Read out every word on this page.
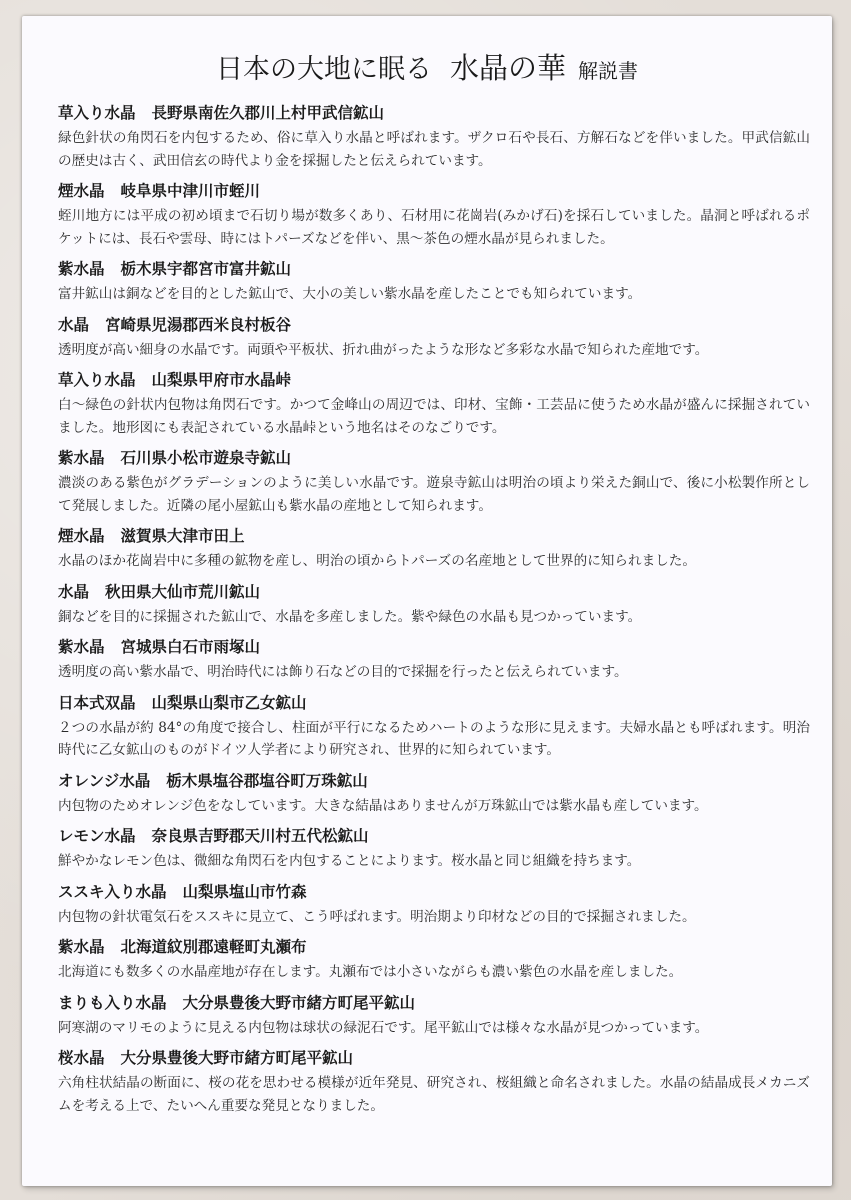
日本の大地に眠る 水晶の華 解説書
草入り水晶 長野県南佐久郡川上村甲武信鉱山
緑色針状の角閃石を内包するため、俗に草入り水晶と呼ばれます。ザクロ石や長石、方解石などを伴いました。甲武信鉱山の歴史は古く、武田信玄の時代より金を採掘したと伝えられています。
煙水晶 岐阜県中津川市蛭川
蛭川地方には平成の初め頃まで石切り場が数多くあり、石材用に花崗岩(みかげ石)を採石していました。晶洞と呼ばれるポケットには、長石や雲母、時にはトパーズなどを伴い、黒～茶色の煙水晶が見られました。
紫水晶 栃木県宇都宮市富井鉱山
富井鉱山は銅などを目的とした鉱山で、大小の美しい紫水晶を産したことでも知られています。
水晶 宮崎県児湯郡西米良村板谷
透明度が高い細身の水晶です。両頭や平板状、折れ曲がったような形など多彩な水晶で知られた産地です。
草入り水晶 山梨県甲府市水晶峠
白～緑色の針状内包物は角閃石です。かつて金峰山の周辺では、印材、宝飾・工芸品に使うため水晶が盛んに採掘されていました。地形図にも表記されている水晶峠という地名はそのなごりです。
紫水晶 石川県小松市遊泉寺鉱山
濃淡のある紫色がグラデーションのように美しい水晶です。遊泉寺鉱山は明治の頃より栄えた銅山で、後に小松製作所として発展しました。近隣の尾小屋鉱山も紫水晶の産地として知られます。
煙水晶 滋賀県大津市田上
水晶のほか花崗岩中に多種の鉱物を産し、明治の頃からトパーズの名産地として世界的に知られました。
水晶 秋田県大仙市荒川鉱山
銅などを目的に採掘された鉱山で、水晶を多産しました。紫や緑色の水晶も見つかっています。
紫水晶 宮城県白石市雨塚山
透明度の高い紫水晶で、明治時代には飾り石などの目的で採掘を行ったと伝えられています。
日本式双晶 山梨県山梨市乙女鉱山
２つの水晶が約 84°の角度で接合し、柱面が平行になるためハートのような形に見えます。夫婦水晶とも呼ばれます。明治時代に乙女鉱山のものがドイツ人学者により研究され、世界的に知られています。
オレンジ水晶 栃木県塩谷郡塩谷町万珠鉱山
内包物のためオレンジ色をなしています。大きな結晶はありませんが万珠鉱山では紫水晶も産しています。
レモン水晶 奈良県吉野郡天川村五代松鉱山
鮮やかなレモン色は、微細な角閃石を内包することによります。桜水晶と同じ組織を持ちます。
ススキ入り水晶 山梨県塩山市竹森
内包物の針状電気石をススキに見立て、こう呼ばれます。明治期より印材などの目的で採掘されました。
紫水晶 北海道紋別郡遠軽町丸瀬布
北海道にも数多くの水晶産地が存在します。丸瀬布では小さいながらも濃い紫色の水晶を産しました。
まりも入り水晶 大分県豊後大野市緒方町尾平鉱山
阿寒湖のマリモのように見える内包物は球状の緑泥石です。尾平鉱山では様々な水晶が見つかっています。
桜水晶 大分県豊後大野市緒方町尾平鉱山
六角柱状結晶の断面に、桜の花を思わせる模様が近年発見、研究され、桜組織と命名されました。水晶の結晶成長メカニズムを考える上で、たいへん重要な発見となりました。
